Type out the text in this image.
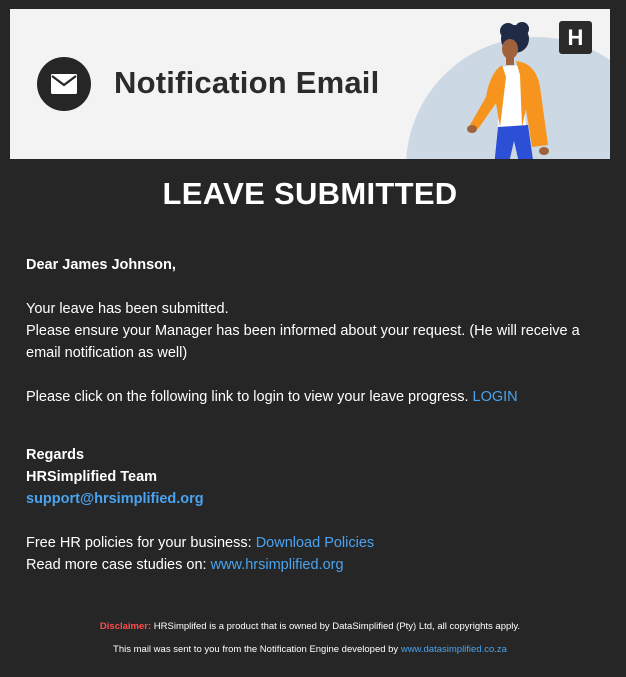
Notification Email
H
LEAVE SUBMITTED
Dear James Johnson,
Your leave has been submitted.
Please ensure your Manager has been informed about your request. (He will receive a email notification as well)
Please click on the following link to login to view your leave progress. LOGIN
Regards
HRSimplified Team
support@hrsimplified.org
Free HR policies for your business: Download Policies
Read more case studies on: www.hrsimplified.org
Disclaimer: HRSimplifed is a product that is owned by DataSimplified (Pty) Ltd, all copyrights apply.
This mail was sent to you from the Notification Engine developed by www.datasimplified.co.za
